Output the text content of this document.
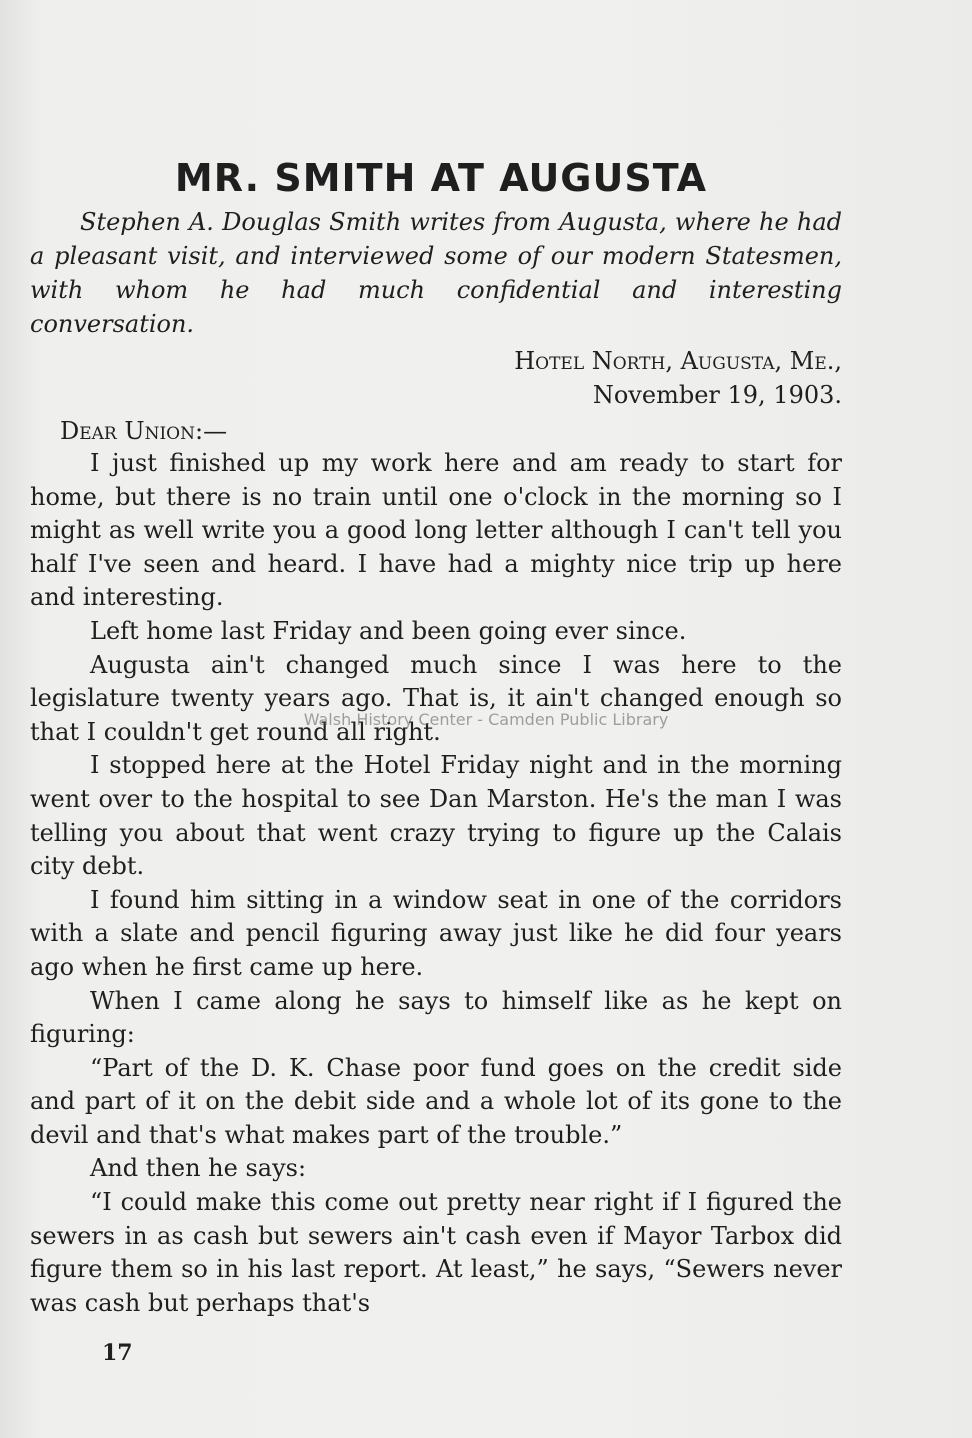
MR. SMITH AT AUGUSTA

Stephen A. Douglas Smith writes from Augusta, where he had a pleasant visit, and interviewed some of our modern Statesmen, with whom he had much confidential and interesting conversation.

Hotel North, Augusta, Me.,

November 19, 1903.

Dear Union:—

I just finished up my work here and am ready to start for home, but there is no train until one o'clock in the morning so I might as well write you a good long letter although I can't tell you half I've seen and heard. I have had a mighty nice trip up here and interesting.

Left home last Friday and been going ever since.

Augusta ain't changed much since I was here to the legislature twenty years ago. That is, it ain't changed enough so that I couldn't get round all right.

I stopped here at the Hotel Friday night and in the morning went over to the hospital to see Dan Marston. He's the man I was telling you about that went crazy trying to figure up the Calais city debt.

I found him sitting in a window seat in one of the corridors with a slate and pencil figuring away just like he did four years ago when he first came up here.

When I came along he says to himself like as he kept on figuring:

“Part of the D. K. Chase poor fund goes on the credit side and part of it on the debit side and a whole lot of its gone to the devil and that's what makes part of the trouble.”

And then he says:

“I could make this come out pretty near right if I figured the sewers in as cash but sewers ain't cash even if Mayor Tarbox did figure them so in his last report. At least,” he says, “Sewers never was cash but perhaps that's

Walsh History Center - Camden Public Library

17
